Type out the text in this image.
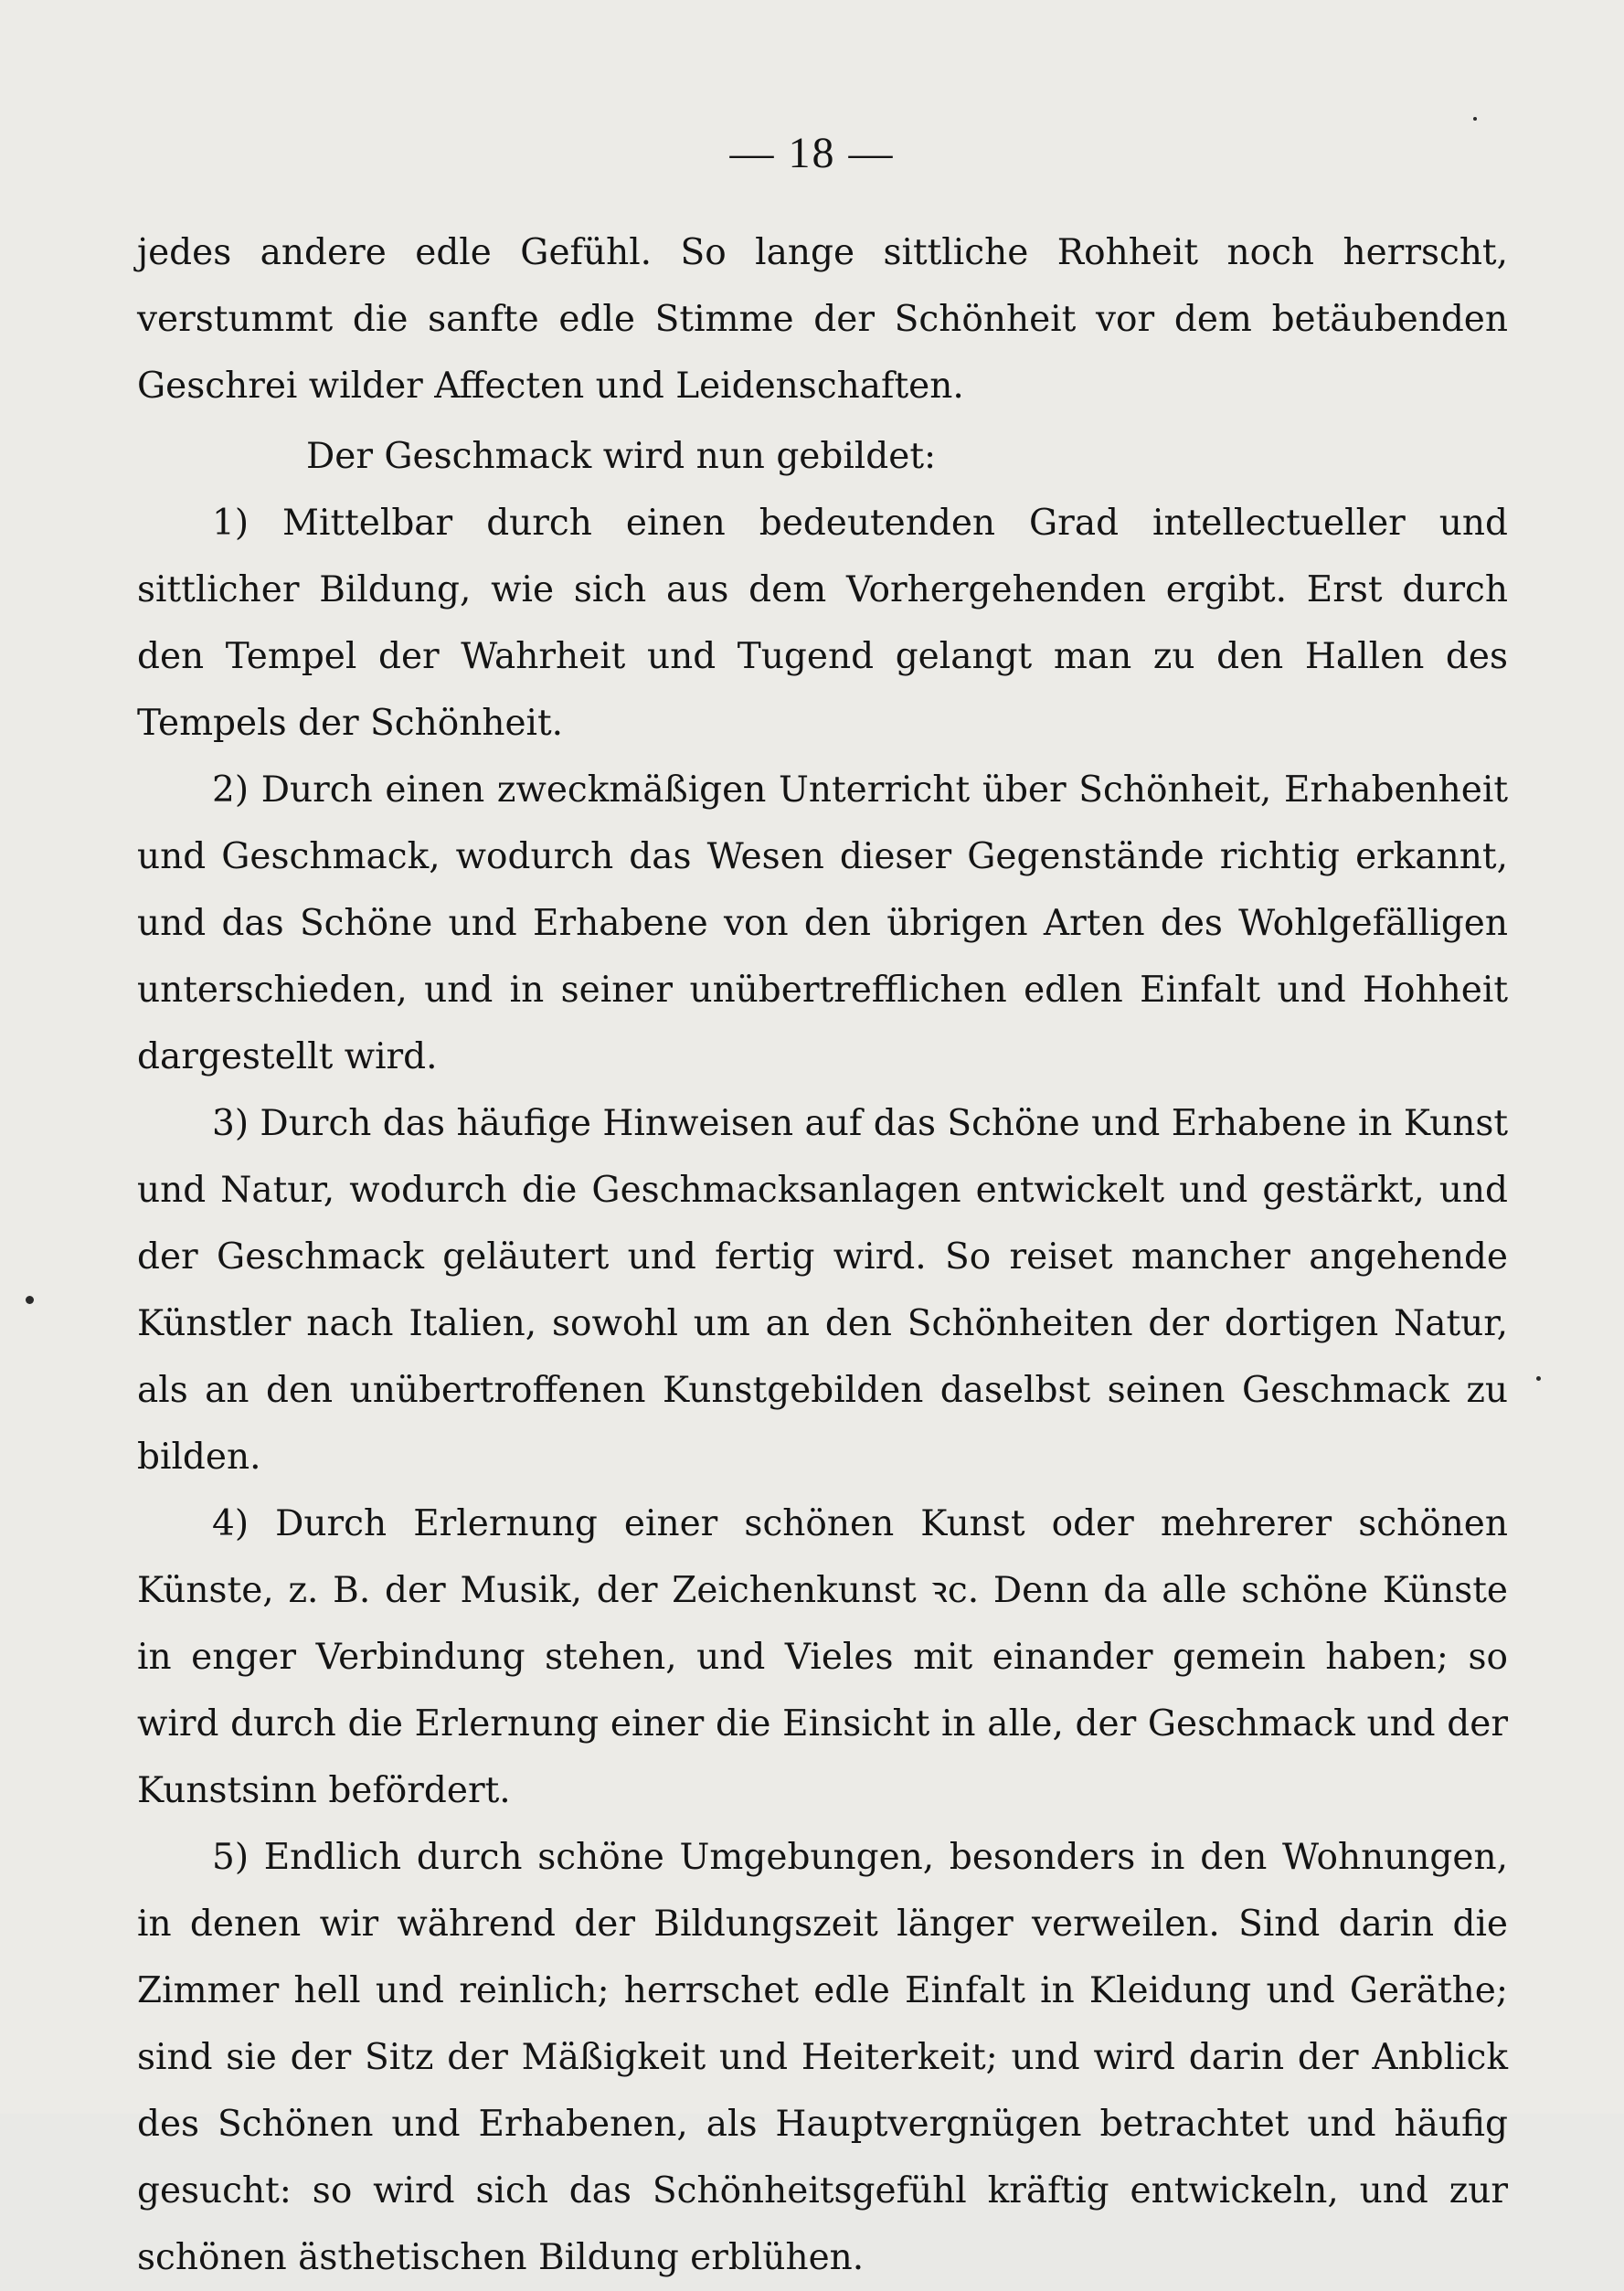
— 18 —

jedes andere edle Gefühl. So lange sittliche Rohheit noch herrscht, verstummt die sanfte edle Stimme der Schönheit vor dem betäubenden Geschrei wilder Affecten und Leidenschaften.

Der Geschmack wird nun gebildet:

1) Mittelbar durch einen bedeutenden Grad intellectueller und sittlicher Bildung, wie sich aus dem Vorhergehenden ergibt. Erst durch den Tempel der Wahrheit und Tugend gelangt man zu den Hallen des Tempels der Schönheit.

2) Durch einen zweckmäßigen Unterricht über Schönheit, Erhabenheit und Geschmack, wodurch das Wesen dieser Gegenstände richtig erkannt, und das Schöne und Erhabene von den übrigen Arten des Wohlgefälligen unterschieden, und in seiner unübertrefflichen edlen Einfalt und Hohheit dargestellt wird.

3) Durch das häufige Hinweisen auf das Schöne und Erhabene in Kunst und Natur, wodurch die Geschmacksanlagen entwickelt und gestärkt, und der Geschmack geläutert und fertig wird. So reiset mancher angehende Künstler nach Italien, sowohl um an den Schönheiten der dortigen Natur, als an den unübertroffenen Kunstgebilden daselbst seinen Geschmack zu bilden.

4) Durch Erlernung einer schönen Kunst oder mehrerer schönen Künste, z. B. der Musik, der Zeichenkunst ꝛc. Denn da alle schöne Künste in enger Verbindung stehen, und Vieles mit einander gemein haben; so wird durch die Erlernung einer die Einsicht in alle, der Geschmack und der Kunstsinn befördert.

5) Endlich durch schöne Umgebungen, besonders in den Wohnungen, in denen wir während der Bildungszeit länger verweilen. Sind darin die Zimmer hell und reinlich; herrschet edle Einfalt in Kleidung und Geräthe; sind sie der Sitz der Mäßigkeit und Heiterkeit; und wird darin der Anblick des Schönen und Erhabenen, als Hauptvergnügen betrachtet und häufig gesucht: so wird sich das Schönheitsgefühl kräftig entwickeln, und zur schönen ästhetischen Bildung erblühen.
